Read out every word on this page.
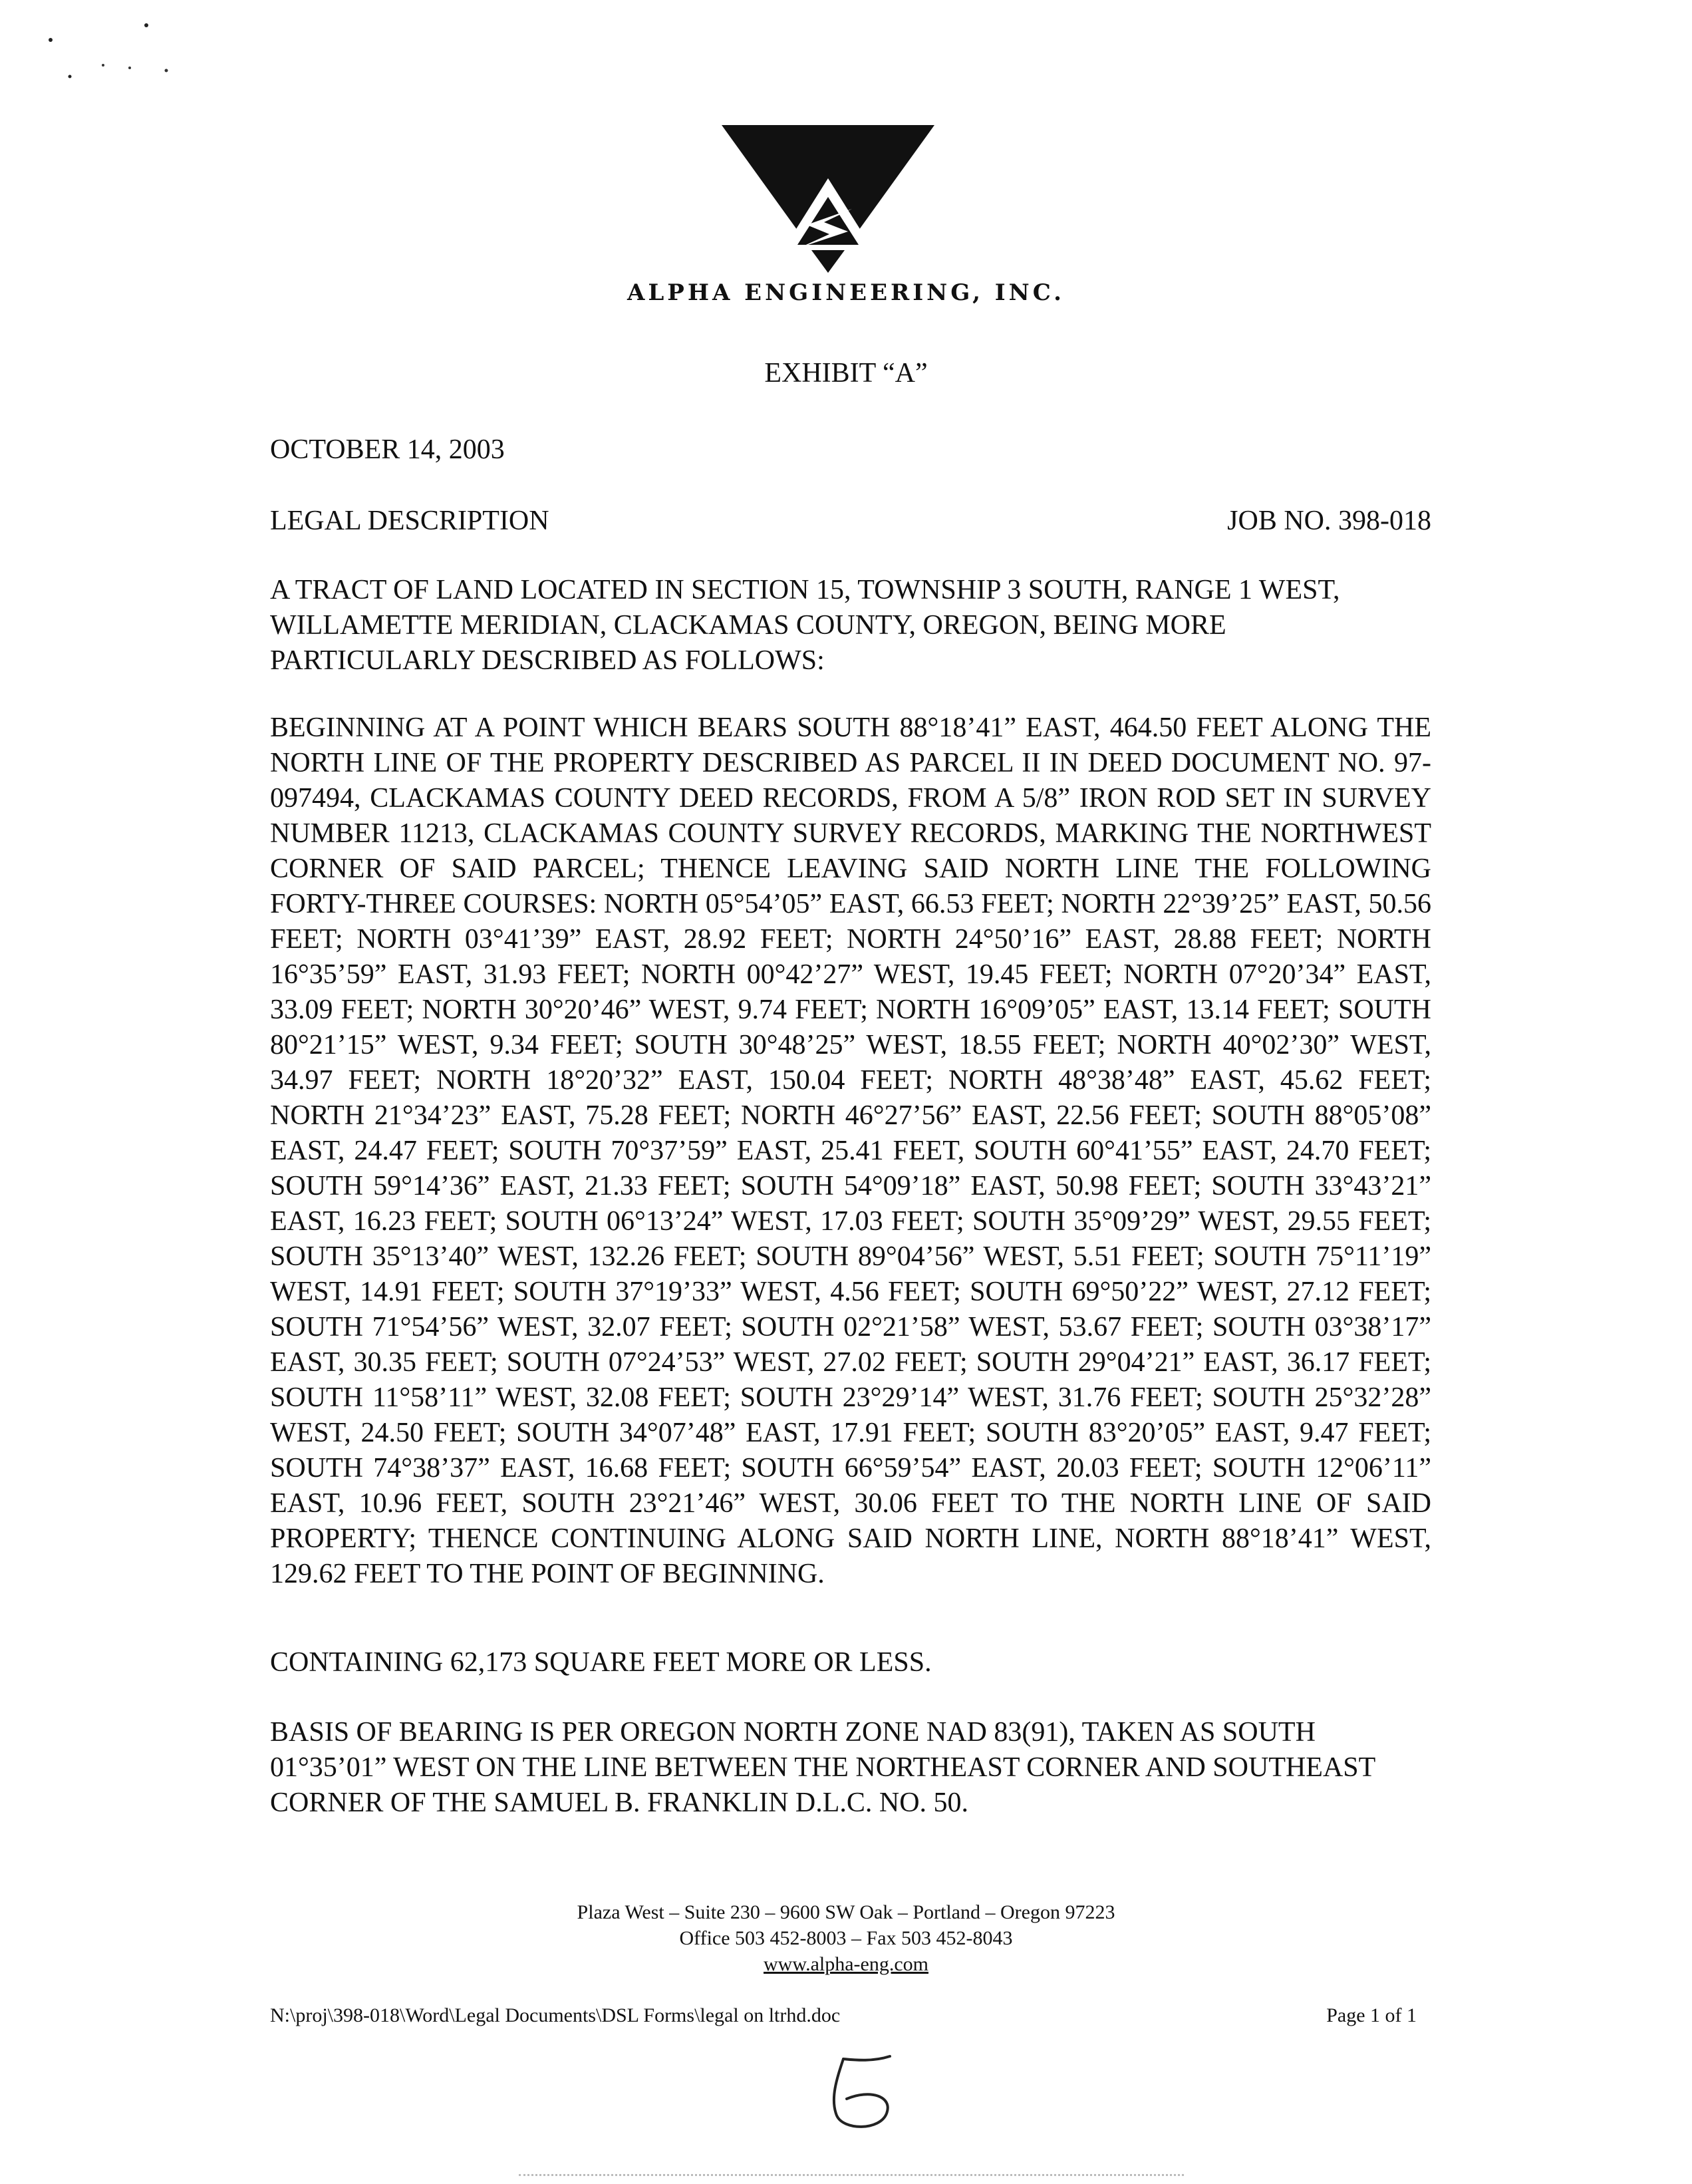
ALPHA ENGINEERING, INC.
EXHIBIT “A”
OCTOBER 14, 2003
LEGAL DESCRIPTION	JOB NO. 398-018
A TRACT OF LAND LOCATED IN SECTION 15, TOWNSHIP 3 SOUTH, RANGE 1 WEST, WILLAMETTE MERIDIAN, CLACKAMAS COUNTY, OREGON, BEING MORE PARTICULARLY DESCRIBED AS FOLLOWS:
BEGINNING AT A POINT WHICH BEARS SOUTH 88°18’41” EAST, 464.50 FEET ALONG THE NORTH LINE OF THE PROPERTY DESCRIBED AS PARCEL II IN DEED DOCUMENT NO. 97-097494, CLACKAMAS COUNTY DEED RECORDS, FROM A 5/8” IRON ROD SET IN SURVEY NUMBER 11213, CLACKAMAS COUNTY SURVEY RECORDS, MARKING THE NORTHWEST CORNER OF SAID PARCEL; THENCE LEAVING SAID NORTH LINE THE FOLLOWING FORTY-THREE COURSES: NORTH 05°54’05” EAST, 66.53 FEET; NORTH 22°39’25” EAST, 50.56 FEET; NORTH 03°41’39” EAST, 28.92 FEET; NORTH 24°50’16” EAST, 28.88 FEET; NORTH 16°35’59” EAST, 31.93 FEET; NORTH 00°42’27” WEST, 19.45 FEET; NORTH 07°20’34” EAST, 33.09 FEET; NORTH 30°20’46” WEST, 9.74 FEET; NORTH 16°09’05” EAST, 13.14 FEET; SOUTH 80°21’15” WEST, 9.34 FEET; SOUTH 30°48’25” WEST, 18.55 FEET; NORTH 40°02’30” WEST, 34.97 FEET; NORTH 18°20’32” EAST, 150.04 FEET; NORTH 48°38’48” EAST, 45.62 FEET; NORTH 21°34’23” EAST, 75.28 FEET; NORTH 46°27’56” EAST, 22.56 FEET; SOUTH 88°05’08” EAST, 24.47 FEET; SOUTH 70°37’59” EAST, 25.41 FEET, SOUTH 60°41’55” EAST, 24.70 FEET; SOUTH 59°14’36” EAST, 21.33 FEET; SOUTH 54°09’18” EAST, 50.98 FEET; SOUTH 33°43’21” EAST, 16.23 FEET; SOUTH 06°13’24” WEST, 17.03 FEET; SOUTH 35°09’29” WEST, 29.55 FEET; SOUTH 35°13’40” WEST, 132.26 FEET; SOUTH 89°04’56” WEST, 5.51 FEET; SOUTH 75°11’19” WEST, 14.91 FEET; SOUTH 37°19’33” WEST, 4.56 FEET; SOUTH 69°50’22” WEST, 27.12 FEET; SOUTH 71°54’56” WEST, 32.07 FEET; SOUTH 02°21’58” WEST, 53.67 FEET; SOUTH 03°38’17” EAST, 30.35 FEET; SOUTH 07°24’53” WEST, 27.02 FEET; SOUTH 29°04’21” EAST, 36.17 FEET; SOUTH 11°58’11” WEST, 32.08 FEET; SOUTH 23°29’14” WEST, 31.76 FEET; SOUTH 25°32’28” WEST, 24.50 FEET; SOUTH 34°07’48” EAST, 17.91 FEET; SOUTH 83°20’05” EAST, 9.47 FEET; SOUTH 74°38’37” EAST, 16.68 FEET; SOUTH 66°59’54” EAST, 20.03 FEET; SOUTH 12°06’11” EAST, 10.96 FEET, SOUTH 23°21’46” WEST, 30.06 FEET TO THE NORTH LINE OF SAID PROPERTY; THENCE CONTINUING ALONG SAID NORTH LINE, NORTH 88°18’41” WEST, 129.62 FEET TO THE POINT OF BEGINNING.
CONTAINING 62,173 SQUARE FEET MORE OR LESS.
BASIS OF BEARING IS PER OREGON NORTH ZONE NAD 83(91), TAKEN AS SOUTH 01°35’01” WEST ON THE LINE BETWEEN THE NORTHEAST CORNER AND SOUTHEAST CORNER OF THE SAMUEL B. FRANKLIN D.L.C. NO. 50.
Plaza West – Suite 230 – 9600 SW Oak – Portland – Oregon 97223
Office 503 452-8003 – Fax 503 452-8043
www.alpha-eng.com
N:\proj\398-018\Word\Legal Documents\DSL Forms\legal on ltrhd.doc	Page 1 of 1
